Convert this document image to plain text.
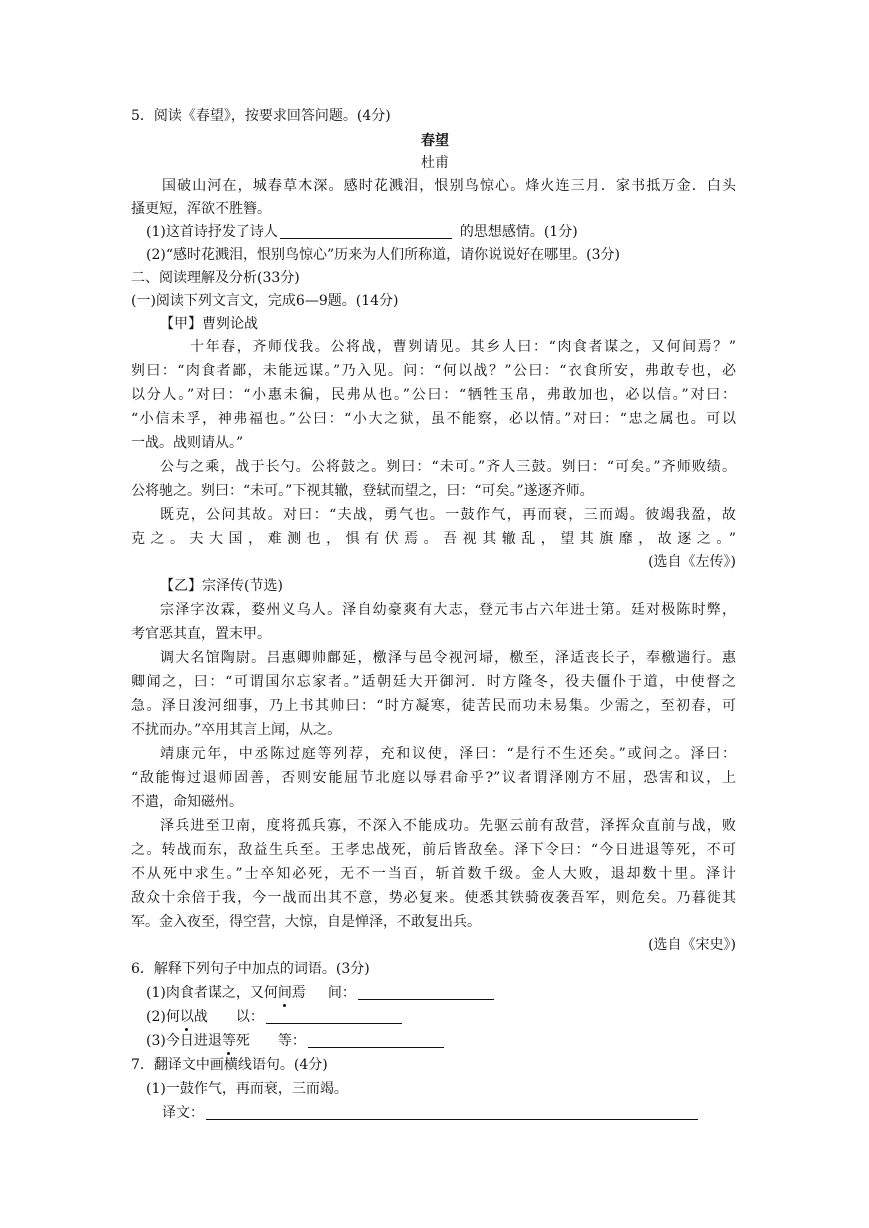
5．阅读《春望》，按要求回答问题。(4分)
春望
杜甫
国破山河在，城春草木深。感时花溅泪，恨别鸟惊心。烽火连三月．家书抵万金．白头
搔更短，浑欲不胜簪。
(1)这首诗抒发了诗人	的思想感情。(1分)
(2)“感时花溅泪，恨别鸟惊心”历来为人们所称道，请你说说好在哪里。(3分)
二、阅读理解及分析(33分)
(一)阅读下列文言文，完成6—9题。(14分)
【甲】曹刿论战
十年春，齐师伐我。公将战，曹刿请见。其乡人曰：“肉食者谋之，又何间焉？”
刿曰：“肉食者鄙，未能远谋。”乃入见。问：“何以战？”公曰：“衣食所安，弗敢专也，必
以分人。”对曰：“小惠未徧，民弗从也。”公曰：“牺牲玉帛，弗敢加也，必以信。”对曰：
“小信未孚，神弗福也。”公曰：“小大之狱，虽不能察，必以情。”对曰：“忠之属也。可以
一战。战则请从。”
公与之乘，战于长勺。公将鼓之。刿曰：“未可。”齐人三鼓。刿曰：“可矣。”齐师败绩。
公将驰之。刿曰：“未可。”下视其辙，登轼而望之，曰：“可矣。”遂逐齐师。
既克，公问其故。对曰：“夫战，勇气也。一鼓作气，再而衰，三而竭。彼竭我盈，故
克之。夫大国，难测也，惧有伏焉。吾视其辙乱，望其旗靡，故逐之。”
(选自《左传》)
【乙】宗泽传(节选)
宗泽字汝霖，婺州义乌人。泽自幼豪爽有大志，登元韦占六年进士第。廷对极陈时弊，
考官恶其直，置末甲。
调大名馆陶尉。吕惠卿帅鄜延，檄泽与邑令视河埽，檄至，泽适丧长子，奉檄遄行。惠
卿闻之，曰：“可谓国尔忘家者。”适朝廷大开御河．时方隆冬，役夫僵仆于道，中使督之
急。泽日浚河细事，乃上书其帅曰：“时方凝寒，徒苦民而功未易集。少需之，至初春，可
不扰而办。”卒用其言上闻，从之。
靖康元年，中丞陈过庭等列荐，充和议使，泽曰：“是行不生还矣。”或问之。泽曰：
“敌能悔过退师固善，否则安能屈节北庭以辱君命乎?”议者谓泽刚方不屈，恐害和议，上
不遣，命知磁州。
泽兵进至卫南，度将孤兵寡，不深入不能成功。先驱云前有敌营，泽挥众直前与战，败
之。转战而东，敌益生兵至。王孝忠战死，前后皆敌垒。泽下令曰：“今日进退等死，不可
不从死中求生。”士卒知必死，无不一当百，斩首数千级。金人大败，退却数十里。泽计
敌众十余倍于我，今一战而出其不意，势必复来。使悉其铁骑夜袭吾军，则危矣。乃暮徙其
军。金入夜至，得空营，大惊，自是惮泽，不敢复出兵。
(选自《宋史》)
6．解释下列句子中加点的词语。(3分)
(1)肉食者谋之，又何间焉 间：
(2)何以战 以：
(3)今日进退等死 等：
7．翻译文中画横线语句。(4分)
(1)一鼓作气，再而衰，三而竭。
译文：
